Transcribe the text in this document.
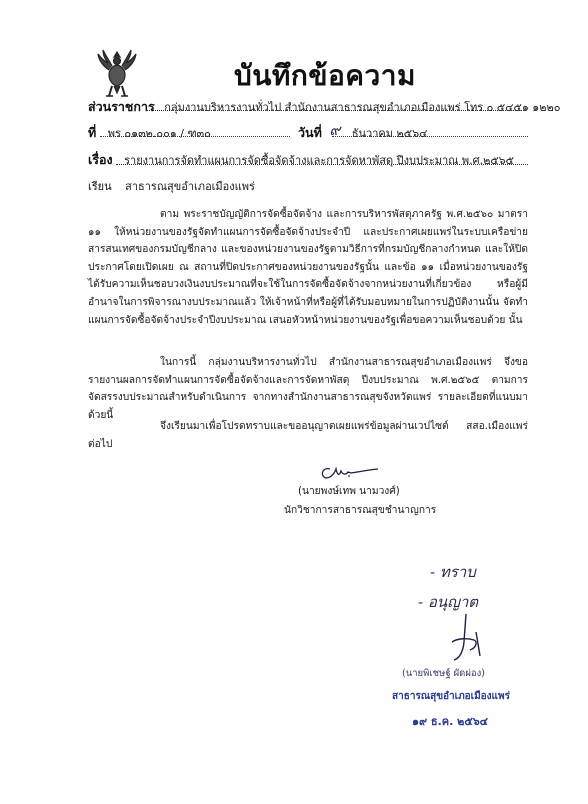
บันทึกข้อความ
ส่วนราชการ กลุ่มงานบริหารงานทั่วไป สำนักงานสาธารณสุขอำเภอเมืองแพร่ โทร ๐ ๕๔๕๑ ๑๒๒๐
ที่ พร ๐๑๓๒.๐๐๑ / ฑ๓๐	วันที่ ๙ ธันวาคม ๒๕๖๔
เรื่อง รายงานการจัดทำแผนการจัดซื้อจัดจ้างและการจัดหาพัสดุ ปีงบประมาณ พ.ศ.๒๕๖๕
เรียน สาธารณสุขอำเภอเมืองแพร่
ตาม พระราชบัญญัติการจัดซื้อจัดจ้าง และการบริหารพัสดุภาครัฐ พ.ศ.๒๕๖๐ มาตรา ๑๑ ให้หน่วยงานของรัฐจัดทำแผนการจัดซื้อจัดจ้างประจำปี และประกาศเผยแพร่ในระบบเครือข่ายสารสนเทศของกรมบัญชีกลาง และของหน่วยงานของรัฐตามวิธีการที่กรมบัญชีกลางกำหนด และให้ปิดประกาศโดยเปิดเผย ณ สถานที่ปิดประกาศของหน่วยงานของรัฐนั้น และข้อ ๑๑ เมื่อหน่วยงานของรัฐได้รับความเห็นชอบวงเงินงบประมาณที่จะใช้ในการจัดซื้อจัดจ้างจากหน่วยงานที่เกี่ยวข้อง หรือผู้มีอำนาจในการพิจารณางบประมาณแล้ว ให้เจ้าหน้าที่หรือผู้ที่ได้รับมอบหมายในการปฏิบัติงานนั้น จัดทำแผนการจัดซื้อจัดจ้างประจำปีงบประมาณ เสนอหัวหน้าหน่วยงานของรัฐเพื่อขอความเห็นชอบด้วย นั้น
ในการนี้ กลุ่มงานบริหารงานทั่วไป สำนักงานสาธารณสุขอำเภอเมืองแพร่ จึงขอรายงานผลการจัดทำแผนการจัดซื้อจัดจ้างและการจัดหาพัสดุ ปีงบประมาณ พ.ศ.๒๕๖๕ ตามการจัดสรรงบประมาณสำหรับดำเนินการ จากทางสำนักงานสาธารณสุขจังหวัดแพร่ รายละเอียดที่แนบมาด้วยนี้
จึงเรียนมาเพื่อโปรดทราบและขออนุญาตเผยแพร่ข้อมูลผ่านเวปไซต์ สสอ.เมืองแพร่ ต่อไป
(นายพงษ์เทพ นามวงศ์)
นักวิชาการสาธารณสุขชำนาญการ
- ทราบ
- อนุญาต
(นายพิเชษฐ์ ผัดผ่อง)
สาธารณสุขอำเภอเมืองแพร่
๑๙ ธ.ค. ๒๕๖๔
